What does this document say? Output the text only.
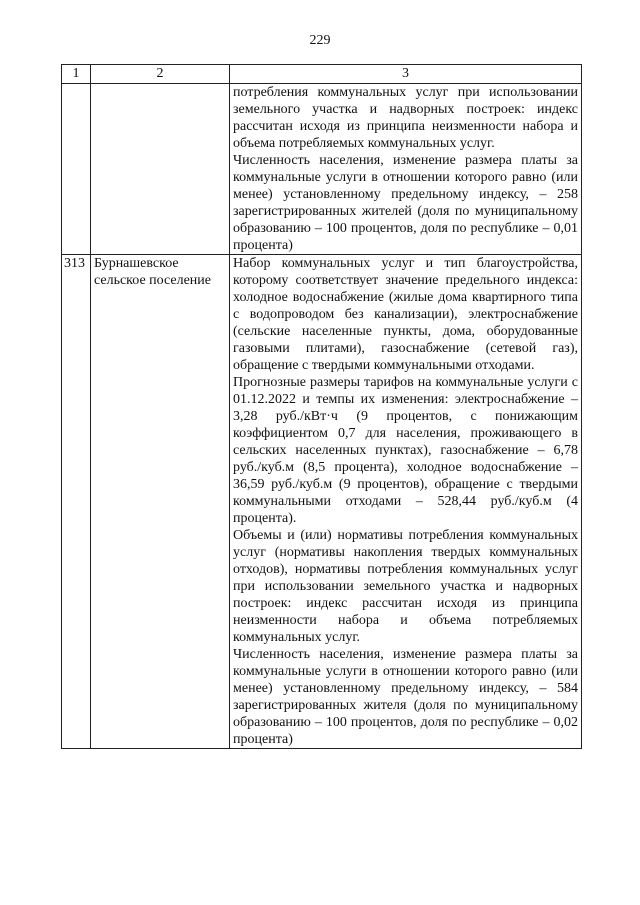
229
1	2	3

		потребления коммунальных услуг при использовании земельного участка и надворных построек: индекс рассчитан исходя из принципа неизменности набора и объема потребляемых коммунальных услуг.

Численность населения, изменение размера платы за коммунальные услуги в отношении которого равно (или менее) установленному предельному индексу, – 258 зарегистрированных жителей (доля по муниципальному образованию – 100 процентов, доля по республике – 0,01 процента)

313	Бурнашевское сельское поселение	Набор коммунальных услуг и тип благоустройства, которому соответствует значение предельного индекса: холодное водоснабжение (жилые дома квартирного типа с водопроводом без канализации), электроснабжение (сельские населенные пункты, дома, оборудованные газовыми плитами), газоснабжение (сетевой газ), обращение с твердыми коммунальными отходами.

Прогнозные размеры тарифов на коммунальные услуги с 01.12.2022 и темпы их изменения: электроснабжение – 3,28 руб./кВт·ч (9 процентов, с понижающим коэффициентом 0,7 для населения, проживающего в сельских населенных пунктах), газоснабжение – 6,78 руб./куб.м (8,5 процента), холодное водоснабжение – 36,59 руб./куб.м (9 процентов), обращение с твердыми коммунальными отходами – 528,44 руб./куб.м (4 процента).

Объемы и (или) нормативы потребления коммунальных услуг (нормативы накопления твердых коммунальных отходов), нормативы потребления коммунальных услуг при использовании земельного участка и надворных построек: индекс рассчитан исходя из принципа неизменности набора и объема потребляемых коммунальных услуг.

Численность населения, изменение размера платы за коммунальные услуги в отношении которого равно (или менее) установленному предельному индексу, – 584 зарегистрированных жителя (доля по муниципальному образованию – 100 процентов, доля по республике – 0,02 процента)
